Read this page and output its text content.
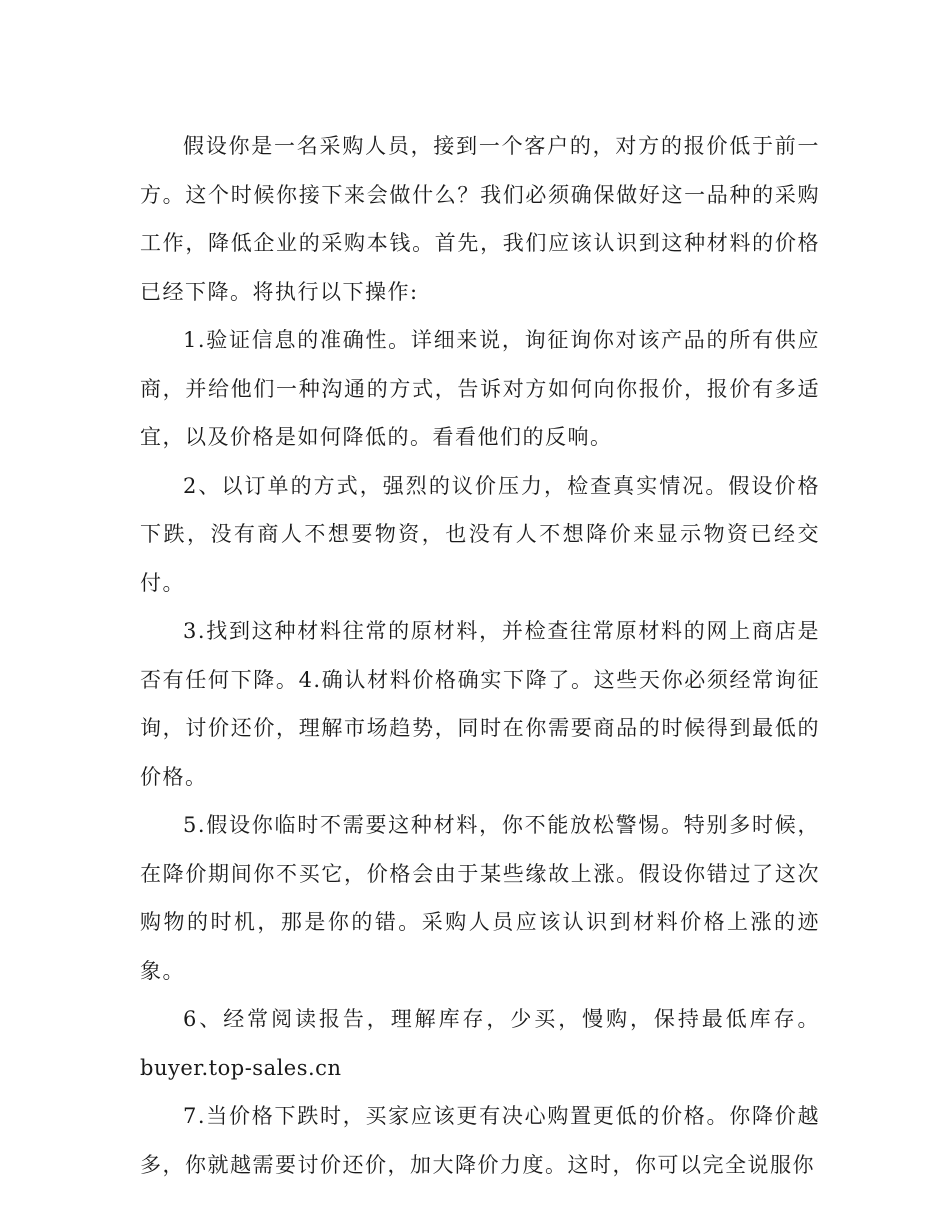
假设你是一名采购人员，接到一个客户的，对方的报价低于前一方。这个时候你接下来会做什么？我们必须确保做好这一品种的采购工作，降低企业的采购本钱。首先，我们应该认识到这种材料的价格已经下降。将执行以下操作:

1.验证信息的准确性。详细来说，询征询你对该产品的所有供应商，并给他们一种沟通的方式，告诉对方如何向你报价，报价有多适宜，以及价格是如何降低的。看看他们的反响。

2、以订单的方式，强烈的议价压力，检查真实情况。假设价格下跌，没有商人不想要物资，也没有人不想降价来显示物资已经交付。

3.找到这种材料往常的原材料，并检查往常原材料的网上商店是否有任何下降。4.确认材料价格确实下降了。这些天你必须经常询征询，讨价还价，理解市场趋势，同时在你需要商品的时候得到最低的价格。

5.假设你临时不需要这种材料，你不能放松警惕。特别多时候，在降价期间你不买它，价格会由于某些缘故上涨。假设你错过了这次购物的时机，那是你的错。采购人员应该认识到材料价格上涨的迹象。

6、经常阅读报告，理解库存，少买，慢购，保持最低库存。

buyer.top-sales.cn

7.当价格下跌时，买家应该更有决心购置更低的价格。你降价越多，你就越需要讨价还价，加大降价力度。这时，你可以完全说服你
